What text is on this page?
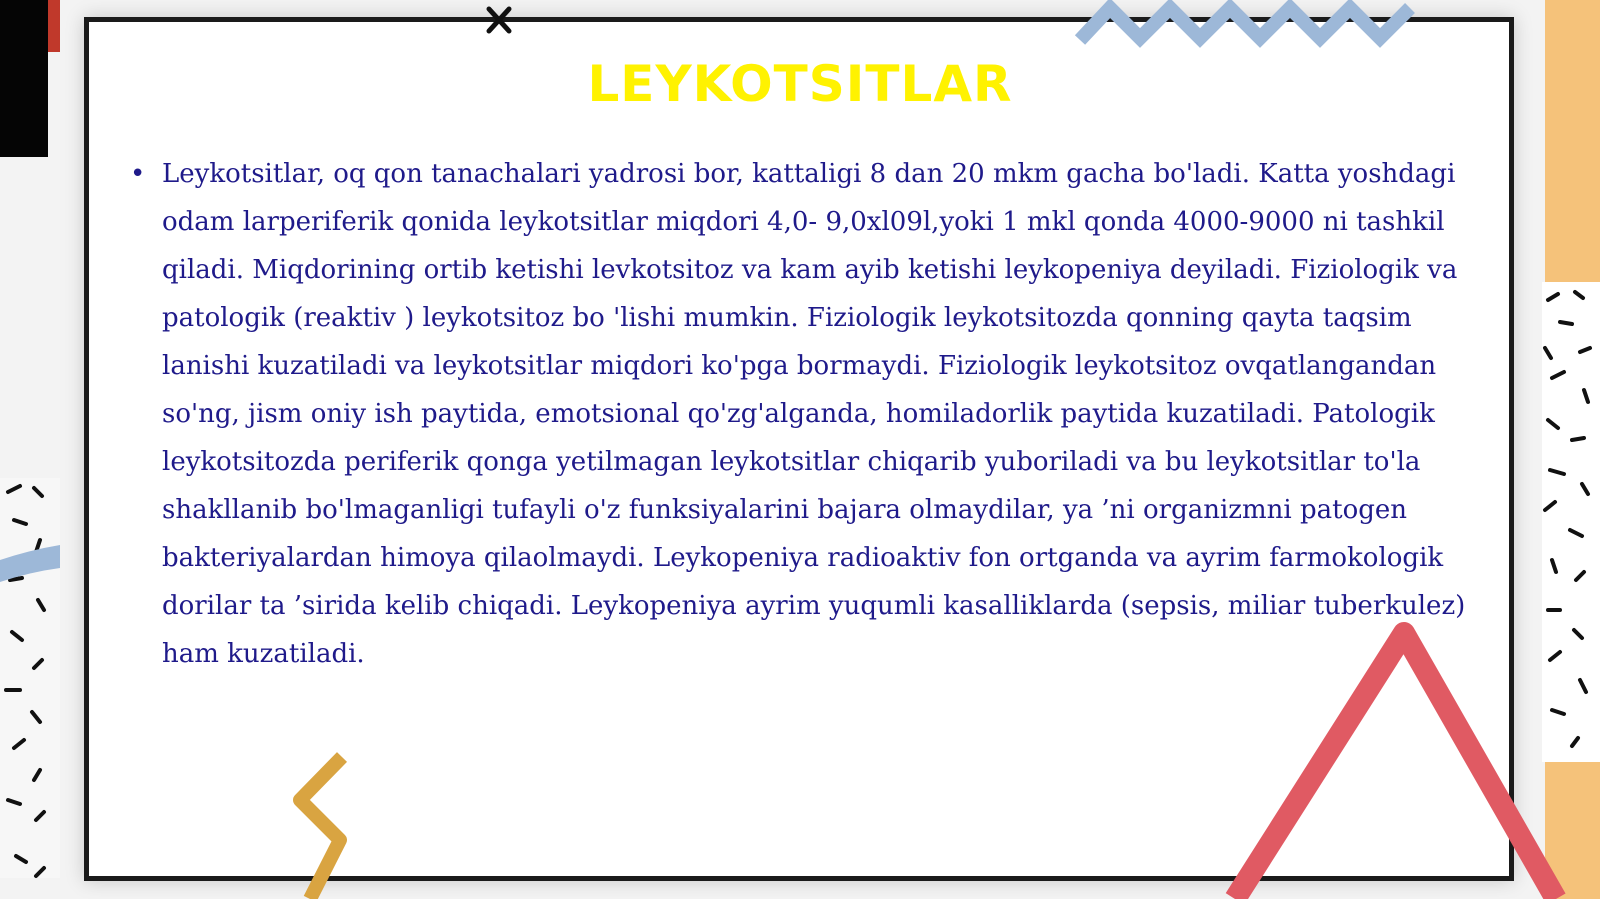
LEYKOTSITLAR
• Leykotsitlar, oq qon tanachalari yadrosi bor, kattaligi 8 dan 20 mkm gacha bo'ladi. Katta yoshdagi odam larperiferik qonida leykotsitlar miqdori 4,0- 9,0xl09l,yoki 1 mkl qonda 4000-9000 ni tashkil qiladi. Miqdorining ortib ketishi levkotsitoz va kam ayib ketishi leykopeniya deyiladi. Fiziologik va patologik (reaktiv ) leykotsitoz bo 'lishi mumkin. Fiziologik leykotsitozda qonning qayta taqsim lanishi kuzatiladi va leykotsitlar miqdori ko'pga bormaydi. Fiziologik leykotsitoz ovqatlangandan so'ng, jism oniy ish paytida, emotsional qo'zg'alganda, homiladorlik paytida kuzatiladi. Patologik leykotsitozda periferik qonga yetilmagan leykotsitlar chiqarib yuboriladi va bu leykotsitlar to'la shakllanib bo'lmaganligi tufayli o'z funksiyalarini bajara olmaydilar, ya ’ni organizmni patogen bakteriyalardan himoya qilaolmaydi. Leykopeniya radioaktiv fon ortganda va ayrim farmokologik dorilar ta ’sirida kelib chiqadi. Leykopeniya ayrim yuqumli kasalliklarda (sepsis, miliar tuberkulez) ham kuzatiladi.
